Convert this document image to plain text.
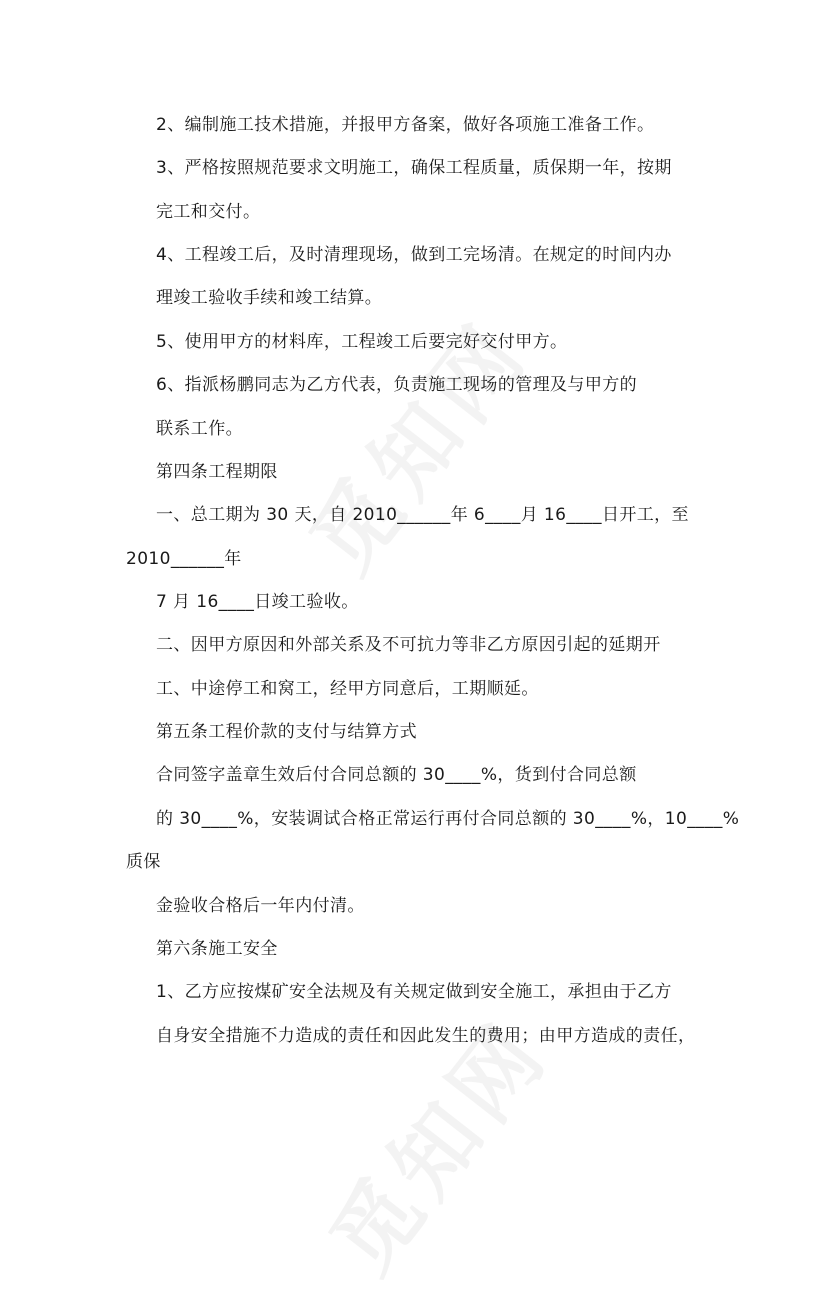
2、编制施工技术措施，并报甲方备案，做好各项施工准备工作。
3、严格按照规范要求文明施工，确保工程质量，质保期一年，按期
完工和交付。
4、工程竣工后，及时清理现场，做到工完场清。在规定的时间内办
理竣工验收手续和竣工结算。
5、使用甲方的材料库，工程竣工后要完好交付甲方。
6、指派杨鹏同志为乙方代表，负责施工现场的管理及与甲方的
联系工作。
第四条工程期限
一、总工期为 30 天，自 2010______年 6____月 16____日开工，至
2010______年
7 月 16____日竣工验收。
二、因甲方原因和外部关系及不可抗力等非乙方原因引起的延期开
工、中途停工和窝工，经甲方同意后，工期顺延。
第五条工程价款的支付与结算方式
合同签字盖章生效后付合同总额的 30____%，货到付合同总额
的 30____%，安装调试合格正常运行再付合同总额的 30____%，10____%
质保
金验收合格后一年内付清。
第六条施工安全
1、乙方应按煤矿安全法规及有关规定做到安全施工，承担由于乙方
自身安全措施不力造成的责任和因此发生的费用；由甲方造成的责任，
